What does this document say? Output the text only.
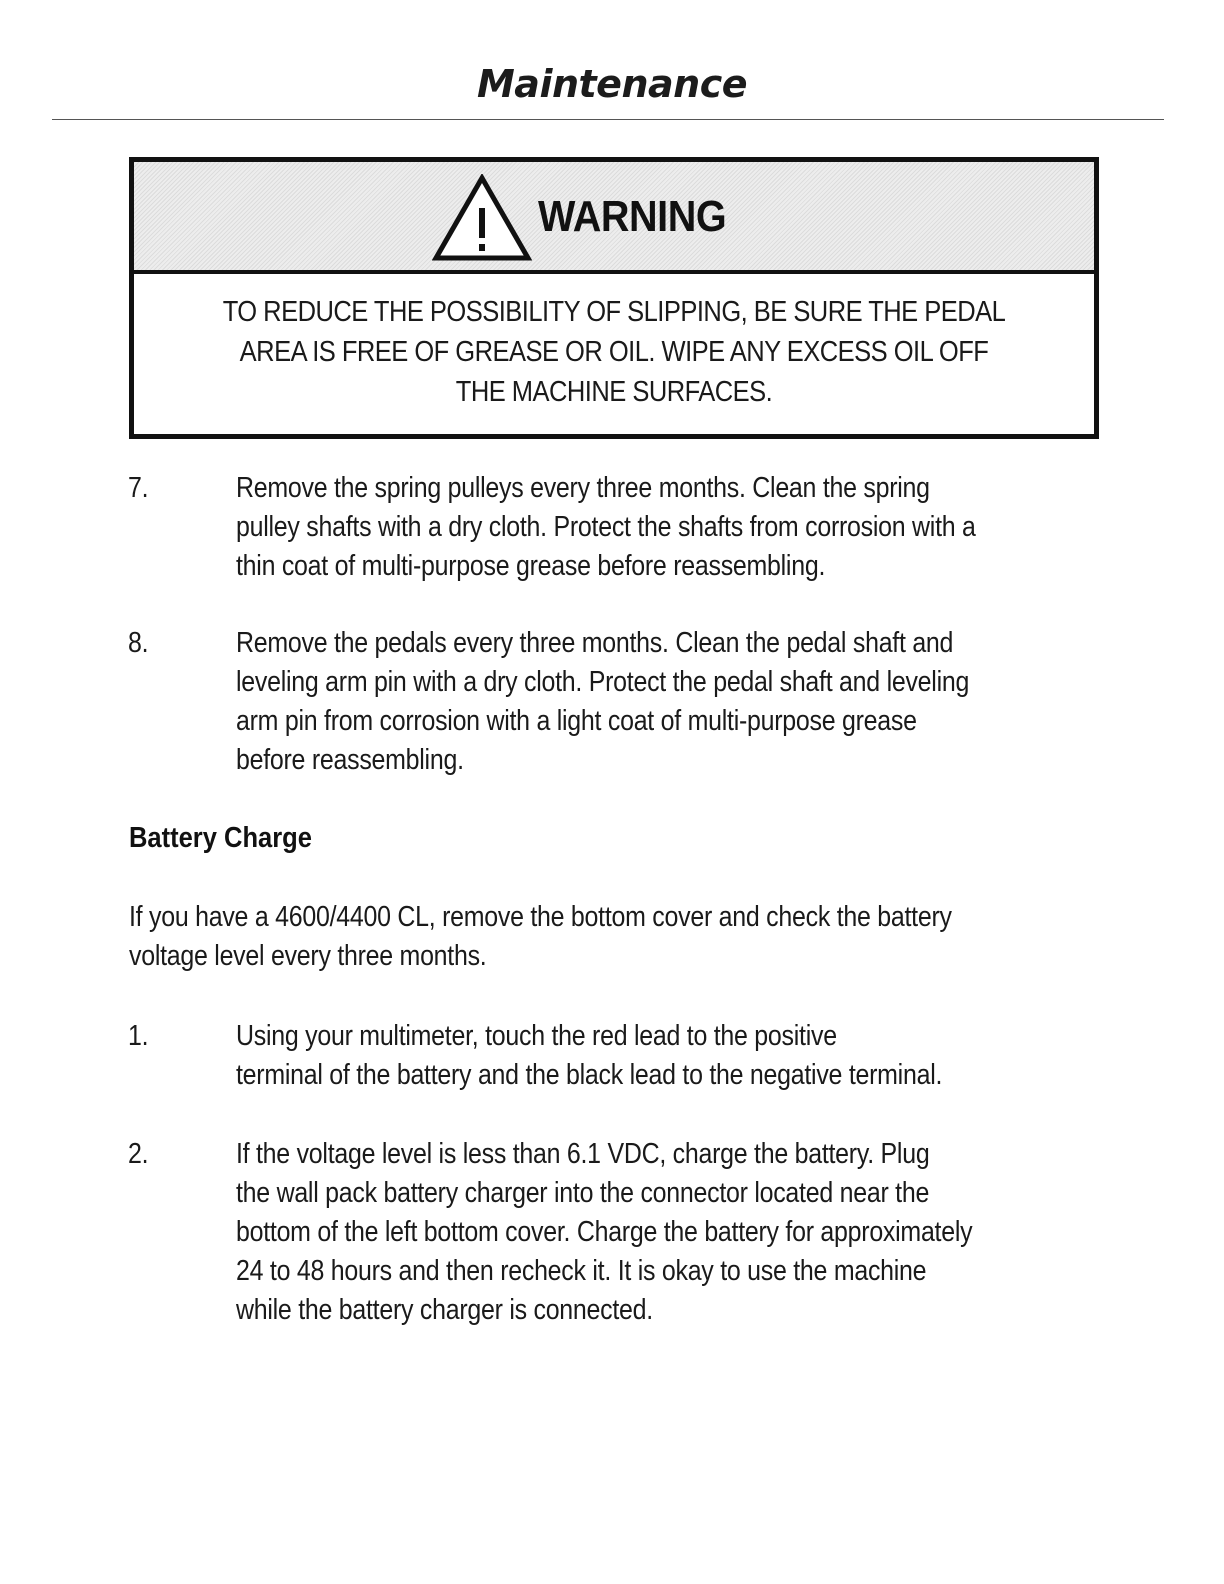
Maintenance
WARNING
TO REDUCE THE POSSIBILITY OF SLIPPING, BE SURE THE PEDAL
AREA IS FREE OF GREASE OR OIL. WIPE ANY EXCESS OIL OFF
THE MACHINE SURFACES.
7.	Remove the spring pulleys every three months. Clean the spring
pulley shafts with a dry cloth. Protect the shafts from corrosion with a
thin coat of multi-purpose grease before reassembling.
8.	Remove the pedals every three months. Clean the pedal shaft and
leveling arm pin with a dry cloth. Protect the pedal shaft and leveling
arm pin from corrosion with a light coat of multi-purpose grease
before reassembling.
Battery Charge
If you have a 4600/4400 CL, remove the bottom cover and check the battery
voltage level every three months.
1.	Using your multimeter, touch the red lead to the positive
terminal of the battery and the black lead to the negative terminal.
2.	If the voltage level is less than 6.1 VDC, charge the battery. Plug
the wall pack battery charger into the connector located near the
bottom of the left bottom cover. Charge the battery for approximately
24 to 48 hours and then recheck it. It is okay to use the machine
while the battery charger is connected.
